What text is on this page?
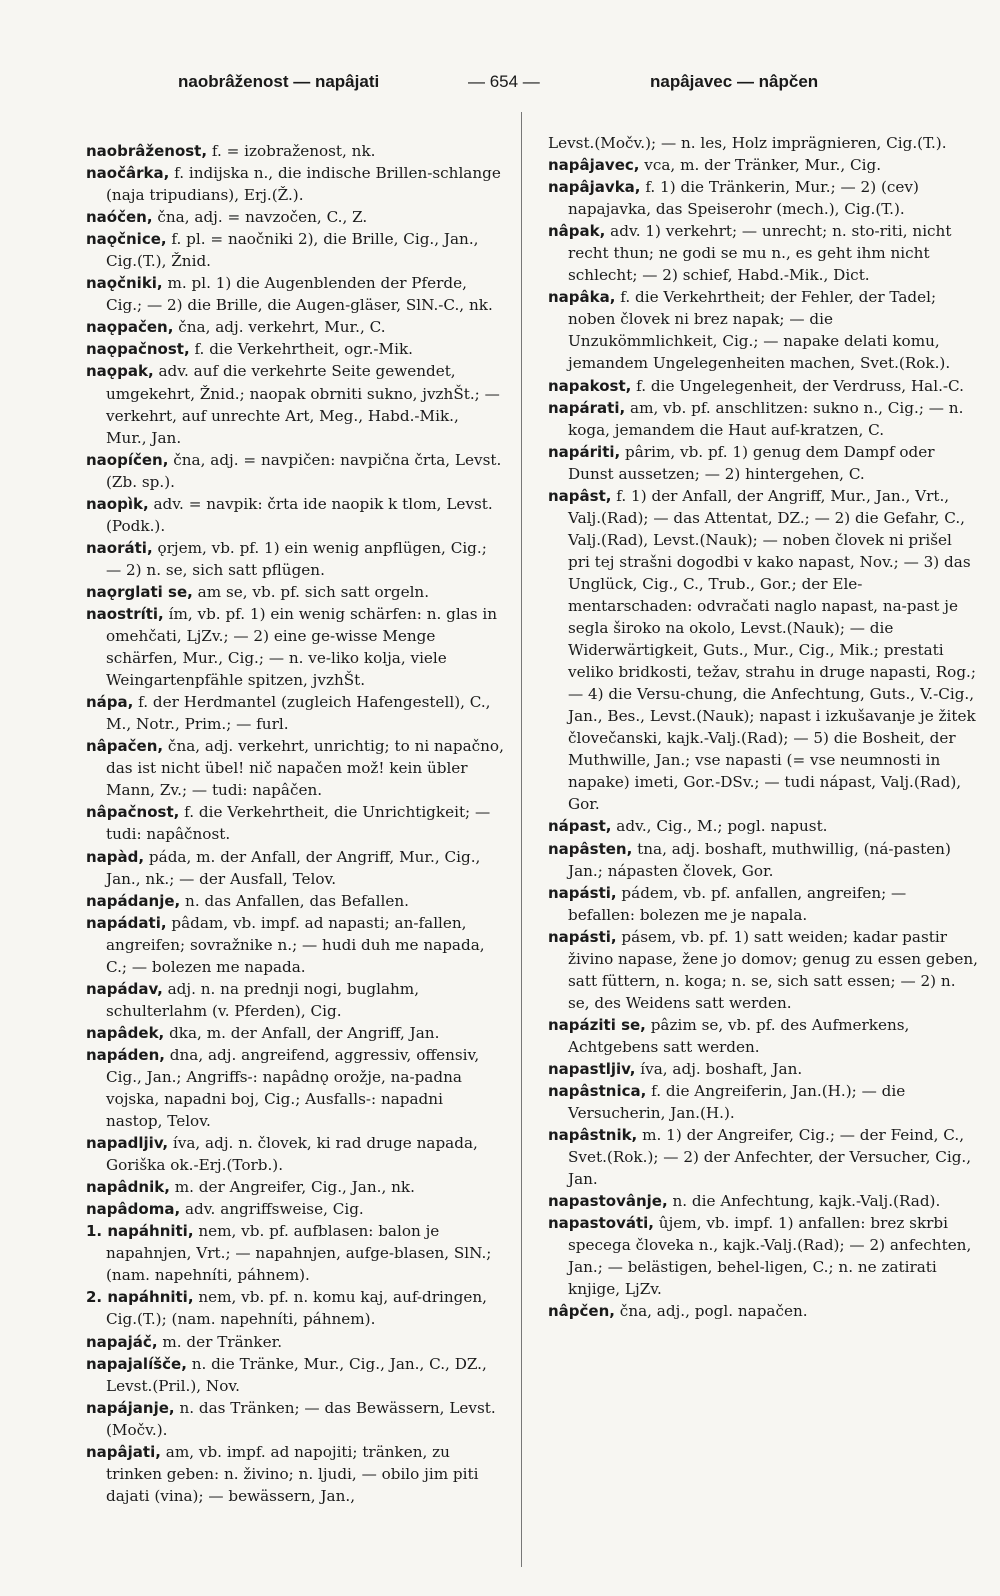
naobrâženost — napâjati	— 654 —	napâjavec — nâpčen

naobrâženost, f. = izobraženost, nk.

naočârka, f. indijska n., die indische Brillen-schlange (naja tripudians), Erj.(Ž.).

naóčen, čna, adj. = navzočen, C., Z.

naǫčnice, f. pl. = naočniki 2), die Brille, Cig., Jan., Cig.(T.), Žnid.

naǫčniki, m. pl. 1) die Augenblenden der Pferde, Cig.; — 2) die Brille, die Augen-gläser, SlN.-C., nk.

naǫpačen, čna, adj. verkehrt, Mur., C.

naǫpačnost, f. die Verkehrtheit, ogr.-Mik.

naǫpak, adv. auf die verkehrte Seite gewendet, umgekehrt, Žnid.; naopak obrniti sukno, jvzhŠt.; — verkehrt, auf unrechte Art, Meg., Habd.-Mik., Mur., Jan.

naopíčen, čna, adj. = navpičen: navpična črta, Levst.(Zb. sp.).

naopìk, adv. = navpik: črta ide naopik k tlom, Levst.(Podk.).

naoráti, ǫrjem, vb. pf. 1) ein wenig anpflügen, Cig.; — 2) n. se, sich satt pflügen.

naǫrglati se, am se, vb. pf. sich satt orgeln.

naostríti, ím, vb. pf. 1) ein wenig schärfen: n. glas in omehčati, LjZv.; — 2) eine ge-wisse Menge schärfen, Mur., Cig.; — n. ve-liko kolja, viele Weingartenpfähle spitzen, jvzhŠt.

nápa, f. der Herdmantel (zugleich Hafengestell), C., M., Notr., Prim.; — furl.

nâpačen, čna, adj. verkehrt, unrichtig; to ni napačno, das ist nicht übel! nič napačen mož! kein übler Mann, Zv.; — tudi: napâčen.

nâpačnost, f. die Verkehrtheit, die Unrichtigkeit; — tudi: napâčnost.

napàd, páda, m. der Anfall, der Angriff, Mur., Cig., Jan., nk.; — der Ausfall, Telov.

napádanje, n. das Anfallen, das Befallen.

napádati, pâdam, vb. impf. ad napasti; an-fallen, angreifen; sovražnike n.; — hudi duh me napada, C.; — bolezen me napada.

napádav, adj. n. na prednji nogi, buglahm, schulterlahm (v. Pferden), Cig.

napâdek, dka, m. der Anfall, der Angriff, Jan.

napáden, dna, adj. angreifend, aggressiv, offensiv, Cig., Jan.; Angriffs-: napâdnǫ orožje, na-padna vojska, napadni boj, Cig.; Ausfalls-: napadni nastop, Telov.

napadljiv, íva, adj. n. človek, ki rad druge napada, Goriška ok.-Erj.(Torb.).

napâdnik, m. der Angreifer, Cig., Jan., nk.

napâdoma, adv. angriffsweise, Cig.

1. napáhniti, nem, vb. pf. aufblasen: balon je napahnjen, Vrt.; — napahnjen, aufge-blasen, SlN.; (nam. napehníti, páhnem).

2. napáhniti, nem, vb. pf. n. komu kaj, auf-dringen, Cig.(T.); (nam. napehníti, páhnem).

napajáč, m. der Tränker.

napajalíšče, n. die Tränke, Mur., Cig., Jan., C., DZ., Levst.(Pril.), Nov.

napájanje, n. das Tränken; — das Bewässern, Levst.(Močv.).

napâjati, am, vb. impf. ad napojiti; tränken, zu trinken geben: n. živino; n. ljudi, — obilo jim piti dajati (vina); — bewässern, Jan.,

Levst.(Močv.); — n. les, Holz imprägnieren, Cig.(T.).

napâjavec, vca, m. der Tränker, Mur., Cig.

napâjavka, f. 1) die Tränkerin, Mur.; — 2) (cev) napajavka, das Speiserohr (mech.), Cig.(T.).

nâpak, adv. 1) verkehrt; — unrecht; n. sto-riti, nicht recht thun; ne godi se mu n., es geht ihm nicht schlecht; — 2) schief, Habd.-Mik., Dict.

napâka, f. die Verkehrtheit; der Fehler, der Tadel; noben človek ni brez napak; — die Unzukömmlichkeit, Cig.; — napake delati komu, jemandem Ungelegenheiten machen, Svet.(Rok.).

napakost, f. die Ungelegenheit, der Verdruss, Hal.-C.

napárati, am, vb. pf. anschlitzen: sukno n., Cig.; — n. koga, jemandem die Haut auf-kratzen, C.

napáriti, pârim, vb. pf. 1) genug dem Dampf oder Dunst aussetzen; — 2) hintergehen, C.

napâst, f. 1) der Anfall, der Angriff, Mur., Jan., Vrt., Valj.(Rad); — das Attentat, DZ.; — 2) die Gefahr, C., Valj.(Rad), Levst.(Nauk); — noben človek ni prišel pri tej strašni dogodbi v kako napast, Nov.; — 3) das Unglück, Cig., C., Trub., Gor.; der Ele-mentarschaden: odvračati naglo napast, na-past je segla široko na okolo, Levst.(Nauk); — die Widerwärtigkeit, Guts., Mur., Cig., Mik.; prestati veliko bridkosti, težav, strahu in druge napasti, Rog.; — 4) die Versu-chung, die Anfechtung, Guts., V.-Cig., Jan., Bes., Levst.(Nauk); napast i izkušavanje je žitek človečanski, kajk.-Valj.(Rad); — 5) die Bosheit, der Muthwille, Jan.; vse napasti (= vse neumnosti in napake) imeti, Gor.-DSv.; — tudi nápast, Valj.(Rad), Gor.

nápast, adv., Cig., M.; pogl. napust.

napâsten, tna, adj. boshaft, muthwillig, (ná-pasten) Jan.; nápasten človek, Gor.

napásti, pádem, vb. pf. anfallen, angreifen; — befallen: bolezen me je napala.

napásti, pásem, vb. pf. 1) satt weiden; kadar pastir živino napase, žene jo domov; genug zu essen geben, satt füttern, n. koga; n. se, sich satt essen; — 2) n. se, des Weidens satt werden.

napáziti se, pâzim se, vb. pf. des Aufmerkens, Achtgebens satt werden.

napastljiv, íva, adj. boshaft, Jan.

napâstnica, f. die Angreiferin, Jan.(H.); — die Versucherin, Jan.(H.).

napâstnik, m. 1) der Angreifer, Cig.; — der Feind, C., Svet.(Rok.); — 2) der Anfechter, der Versucher, Cig., Jan.

napastovânje, n. die Anfechtung, kajk.-Valj.(Rad).

napastováti, ûjem, vb. impf. 1) anfallen: brez skrbi specega človeka n., kajk.-Valj.(Rad); — 2) anfechten, Jan.; — belästigen, behel-ligen, C.; n. ne zatirati knjige, LjZv.

nâpčen, čna, adj., pogl. napačen.
